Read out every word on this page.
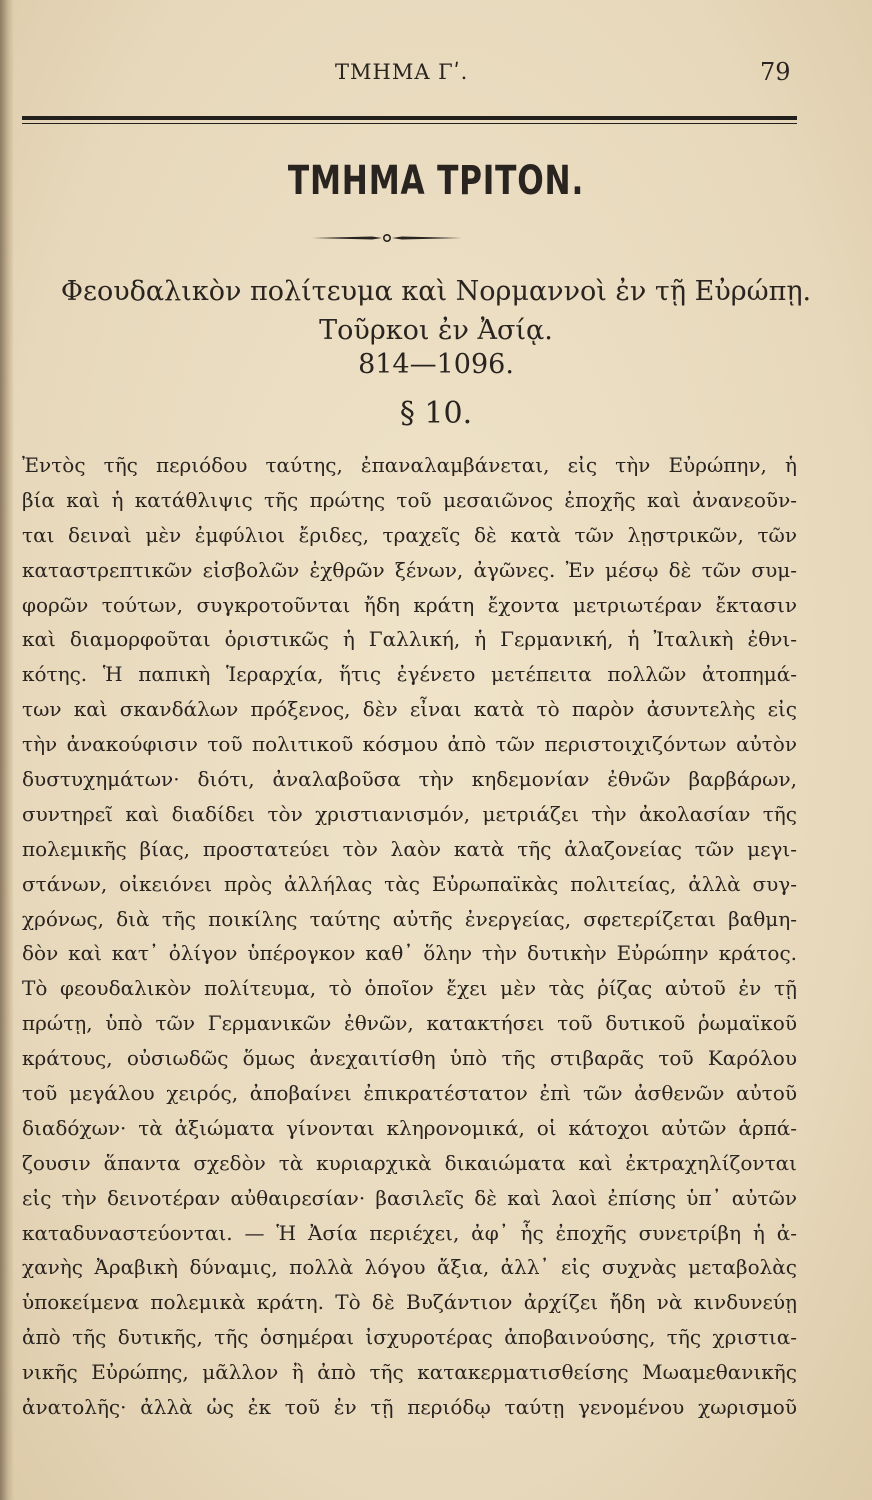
ΤΜΗΜΑ Γʹ.	79
ΤΜΗΜΑ ΤΡΙΤΟΝ.
Φεουδαλικὸν πολίτευμα καὶ Νορμαννοὶ ἐν τῇ Εὐρώπῃ.
Τοῦρκοι ἐν Ἀσίᾳ.
814—1096.
§ 10.
Ἐντὸς τῆς περιόδου ταύτης, ἐπαναλαμβάνεται, εἰς τὴν Εὐρώπην, ἡ
βία καὶ ἡ κατάθλιψις τῆς πρώτης τοῦ μεσαιῶνος ἐποχῆς καὶ ἀνανεοῦν-
ται δειναὶ μὲν ἐμφύλιοι ἔριδες, τραχεῖς δὲ κατὰ τῶν λῃστρικῶν, τῶν
καταστρεπτικῶν εἰσβολῶν ἐχθρῶν ξένων, ἀγῶνες. Ἐν μέσῳ δὲ τῶν συμ-
φορῶν τούτων, συγκροτοῦνται ἤδη κράτη ἔχοντα μετριωτέραν ἔκτασιν
καὶ διαμορφοῦται ὁριστικῶς ἡ Γαλλική, ἡ Γερμανική, ἡ Ἰταλικὴ ἐθνι-
κότης. Ἡ παπικὴ Ἱεραρχία, ἥτις ἐγένετο μετέπειτα πολλῶν ἀτοπημά-
των καὶ σκανδάλων πρόξενος, δὲν εἶναι κατὰ τὸ παρὸν ἀσυντελὴς εἰς
τὴν ἀνακούφισιν τοῦ πολιτικοῦ κόσμου ἀπὸ τῶν περιστοιχιζόντων αὐτὸν
δυστυχημάτων· διότι, ἀναλαβοῦσα τὴν κηδεμονίαν ἐθνῶν βαρβάρων,
συντηρεῖ καὶ διαδίδει τὸν χριστιανισμόν, μετριάζει τὴν ἀκολασίαν τῆς
πολεμικῆς βίας, προστατεύει τὸν λαὸν κατὰ τῆς ἀλαζονείας τῶν μεγι-
στάνων, οἰκειόνει πρὸς ἀλλήλας τὰς Εὐρωπαϊκὰς πολιτείας, ἀλλὰ συγ-
χρόνως, διὰ τῆς ποικίλης ταύτης αὐτῆς ἐνεργείας, σφετερίζεται βαθμη-
δὸν καὶ κατ᾽ ὀλίγον ὑπέρογκον καθ᾽ ὅλην τὴν δυτικὴν Εὐρώπην κράτος.
Τὸ φεουδαλικὸν πολίτευμα, τὸ ὁποῖον ἔχει μὲν τὰς ῥίζας αὐτοῦ ἐν τῇ
πρώτῃ, ὑπὸ τῶν Γερμανικῶν ἐθνῶν, κατακτήσει τοῦ δυτικοῦ ῥωμαϊκοῦ
κράτους, οὐσιωδῶς ὅμως ἀνεχαιτίσθη ὑπὸ τῆς στιβαρᾶς τοῦ Καρόλου
τοῦ μεγάλου χειρός, ἀποβαίνει ἐπικρατέστατον ἐπὶ τῶν ἀσθενῶν αὐτοῦ
διαδόχων· τὰ ἀξιώματα γίνονται κληρονομικά, οἱ κάτοχοι αὐτῶν ἁρπά-
ζουσιν ἅπαντα σχεδὸν τὰ κυριαρχικὰ δικαιώματα καὶ ἐκτραχηλίζονται
εἰς τὴν δεινοτέραν αὐθαιρεσίαν· βασιλεῖς δὲ καὶ λαοὶ ἐπίσης ὑπ᾽ αὐτῶν
καταδυναστεύονται. — Ἡ Ἀσία περιέχει, ἀφ᾽ ἧς ἐποχῆς συνετρίβη ἡ ἀ-
χανὴς Ἀραβικὴ δύναμις, πολλὰ λόγου ἄξια, ἀλλ᾽ εἰς συχνὰς μεταβολὰς
ὑποκείμενα πολεμικὰ κράτη. Τὸ δὲ Βυζάντιον ἀρχίζει ἤδη νὰ κινδυνεύῃ
ἀπὸ τῆς δυτικῆς, τῆς ὁσημέραι ἰσχυροτέρας ἀποβαινούσης, τῆς χριστια-
νικῆς Εὐρώπης, μᾶλλον ἢ ἀπὸ τῆς κατακερματισθείσης Μωαμεθανικῆς
ἀνατολῆς· ἀλλὰ ὡς ἐκ τοῦ ἐν τῇ περιόδῳ ταύτῃ γενομένου χωρισμοῦ
